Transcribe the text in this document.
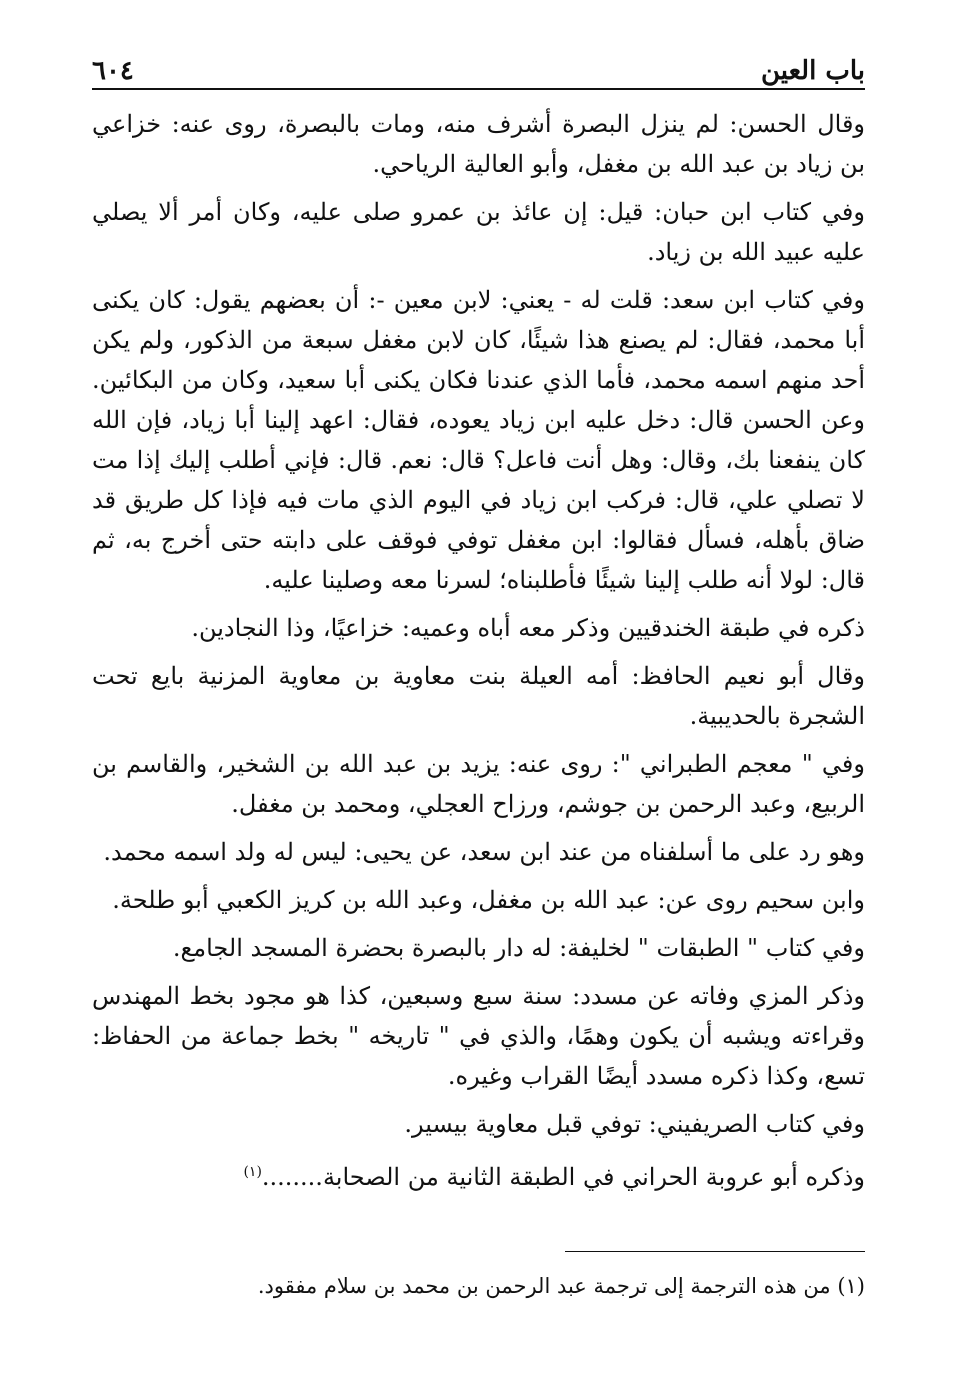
باب العين
٦٠٤

وقال الحسن: لم ينزل البصرة أشرف منه، ومات بالبصرة، روى عنه: خزاعي بن زياد بن عبد الله بن مغفل، وأبو العالية الرياحي.

وفي كتاب ابن حبان: قيل: إن عائذ بن عمرو صلى عليه، وكان أمر ألا يصلي عليه عبيد الله بن زياد.

وفي كتاب ابن سعد: قلت له - يعني: لابن معين -: أن بعضهم يقول: كان يكنى أبا محمد، فقال: لم يصنع هذا شيئًا، كان لابن مغفل سبعة من الذكور، ولم يكن أحد منهم اسمه محمد، فأما الذي عندنا فكان يكنى أبا سعيد، وكان من البكائين. وعن الحسن قال: دخل عليه ابن زياد يعوده، فقال: اعهد إلينا أبا زياد، فإن الله كان ينفعنا بك، وقال: وهل أنت فاعل؟ قال: نعم. قال: فإني أطلب إليك إذا مت لا تصلي علي، قال: فركب ابن زياد في اليوم الذي مات فيه فإذا كل طريق قد ضاق بأهله، فسأل فقالوا: ابن مغفل توفي فوقف على دابته حتى أخرج به، ثم قال: لولا أنه طلب إلينا شيئًا فأطلبناه؛ لسرنا معه وصلينا عليه.

ذكره في طبقة الخندقيين وذكر معه أباه وعميه: خزاعيًا، وذا النجادين.

وقال أبو نعيم الحافظ: أمه العيلة بنت معاوية بن معاوية المزنية بايع تحت الشجرة بالحديبية.

وفي " معجم الطبراني ": روى عنه: يزيد بن عبد الله بن الشخير، والقاسم بن الربيع، وعبد الرحمن بن جوشم، ورزاح العجلي، ومحمد بن مغفل.

وهو رد على ما أسلفناه من عند ابن سعد، عن يحيى: ليس له ولد اسمه محمد.

وابن سحيم روى عن: عبد الله بن مغفل، وعبد الله بن كريز الكعبي أبو طلحة.

وفي كتاب " الطبقات " لخليفة: له دار بالبصرة بحضرة المسجد الجامع.

وذكر المزي وفاته عن مسدد: سنة سبع وسبعين، كذا هو مجود بخط المهندس وقراءته ويشبه أن يكون وهمًا، والذي في " تاريخه " بخط جماعة من الحفاظ: تسع، وكذا ذكره مسدد أيضًا القراب وغيره.

وفي كتاب الصريفيني: توفي قبل معاوية بيسير.

وذكره أبو عروبة الحراني في الطبقة الثانية من الصحابة........$^{(١)}$

(١) من هذه الترجمة إلى ترجمة عبد الرحمن بن محمد بن سلام مفقود.
